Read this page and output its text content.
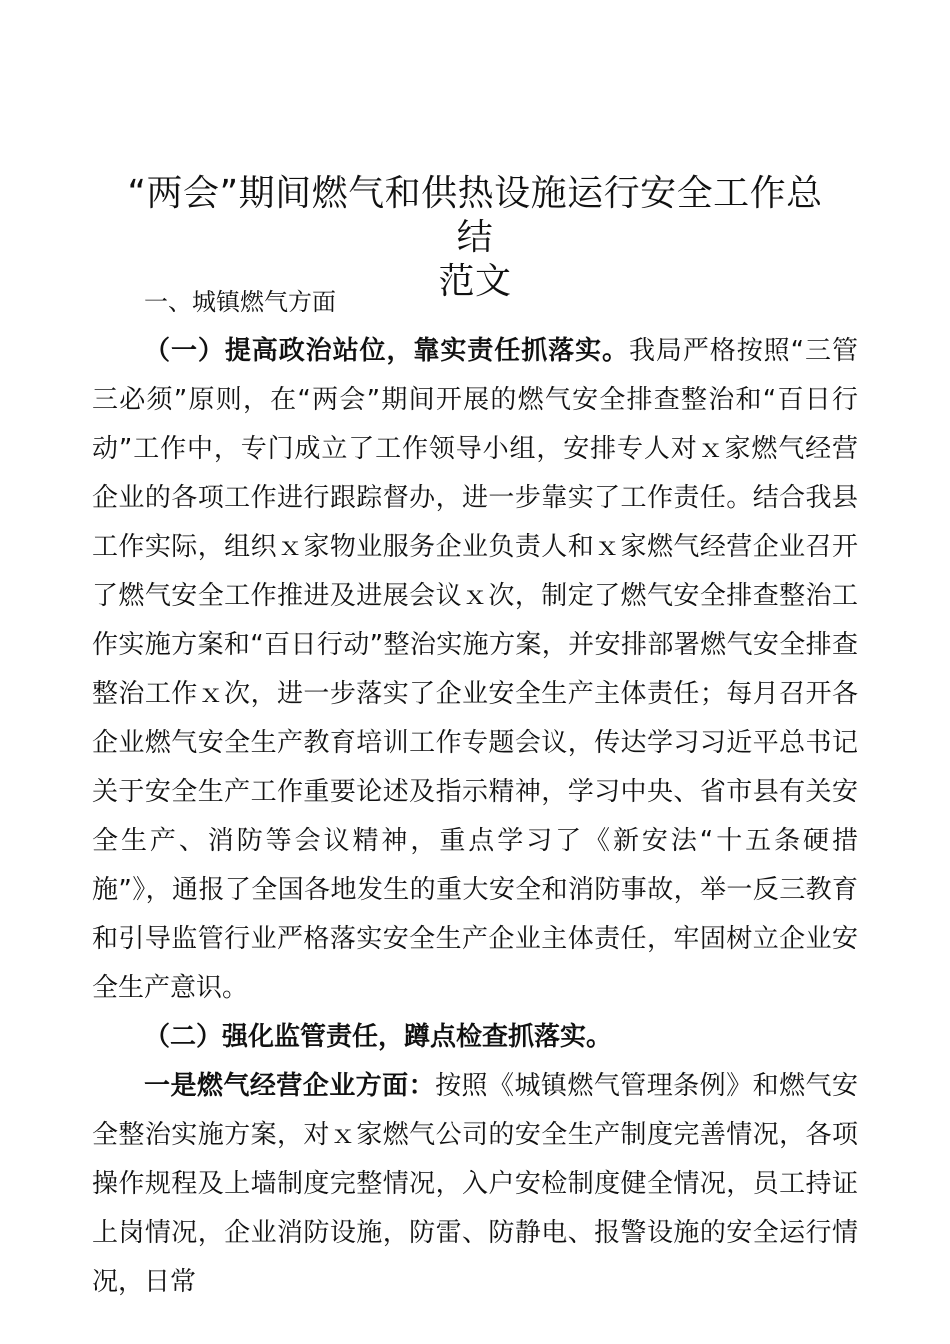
“两会”期间燃气和供热设施运行安全工作总结
范文

一、城镇燃气方面

（一）提高政治站位，靠实责任抓落实。我局严格按照“三管三必须”原则，在“两会”期间开展的燃气安全排查整治和“百日行动”工作中，专门成立了工作领导小组，安排专人对ｘ家燃气经营企业的各项工作进行跟踪督办，进一步靠实了工作责任。结合我县工作实际，组织ｘ家物业服务企业负责人和ｘ家燃气经营企业召开了燃气安全工作推进及进展会议ｘ次，制定了燃气安全排查整治工作实施方案和“百日行动”整治实施方案，并安排部署燃气安全排查整治工作ｘ次，进一步落实了企业安全生产主体责任；每月召开各企业燃气安全生产教育培训工作专题会议，传达学习习近平总书记关于安全生产工作重要论述及指示精神，学习中央、省市县有关安全生产、消防等会议精神，重点学习了《新安法“十五条硬措施”》，通报了全国各地发生的重大安全和消防事故，举一反三教育和引导监管行业严格落实安全生产企业主体责任，牢固树立企业安全生产意识。

（二）强化监管责任，蹲点检查抓落实。

一是燃气经营企业方面：按照《城镇燃气管理条例》和燃气安全整治实施方案，对ｘ家燃气公司的安全生产制度完善情况，各项操作规程及上墙制度完整情况，入户安检制度健全情况，员工持证上岗情况，企业消防设施，防雷、防静电、报警设施的安全运行情况，日常
